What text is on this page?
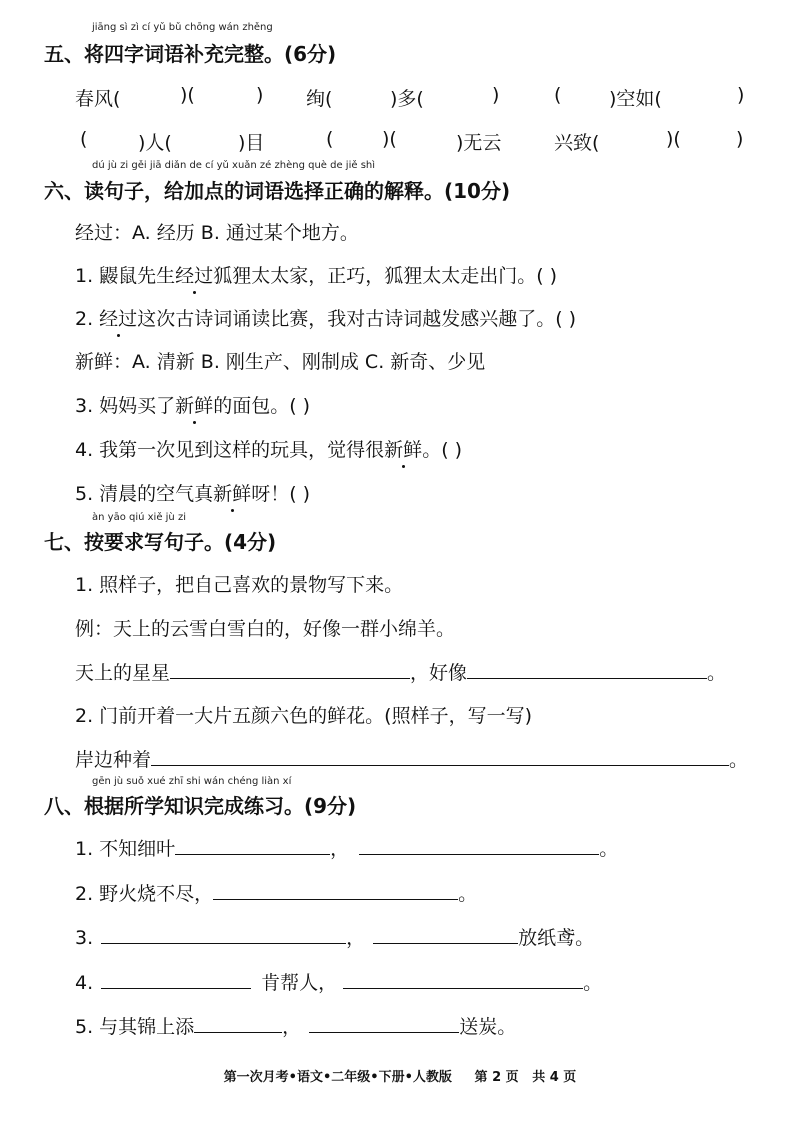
jiāng sì zì cí yǔ bǔ chōng wán zhěng
五、将四字词语补充完整。(6分)
春风(	)(	) 绚(	)多(	)	(	)空如(	)
(	)人(	)目	(	)(	)无云	兴致(	)(	)
dú jù zi gěi jiā diǎn de cí yǔ xuǎn zé zhèng què de jiě shì
六、读句子，给加点的词语选择正确的解释。(10分)
经过：A. 经历 B. 通过某个地方。
1. 鼹鼠先生经过狐狸太太家，正巧，狐狸太太走出门。( )
2. 经过这次古诗词诵读比赛，我对古诗词越发感兴趣了。( )
新鲜：A. 清新 B. 刚生产、刚制成 C. 新奇、少见
3. 妈妈买了新鲜的面包。( )
4. 我第一次见到这样的玩具，觉得很新鲜。( )
5. 清晨的空气真新鲜呀！( )
àn yāo qiú xiě jù zi
七、按要求写句子。(4分)
1. 照样子，把自己喜欢的景物写下来。
例：天上的云雪白雪白的，好像一群小绵羊。
天上的星星	，好像	。
2. 门前开着一大片五颜六色的鲜花。(照样子，写一写)
岸边种着	。
gēn jù suǒ xué zhī shi wán chéng liàn xí
八、根据所学知识完成练习。(9分)
1. 不知细叶	，	。
2. 野火烧不尽，	。
3.	，	放纸鸢。
4.	肯帮人，	。
5. 与其锦上添	，	送炭。
第一次月考•语文•二年级•下册•人教版     第 2 页   共 4 页
